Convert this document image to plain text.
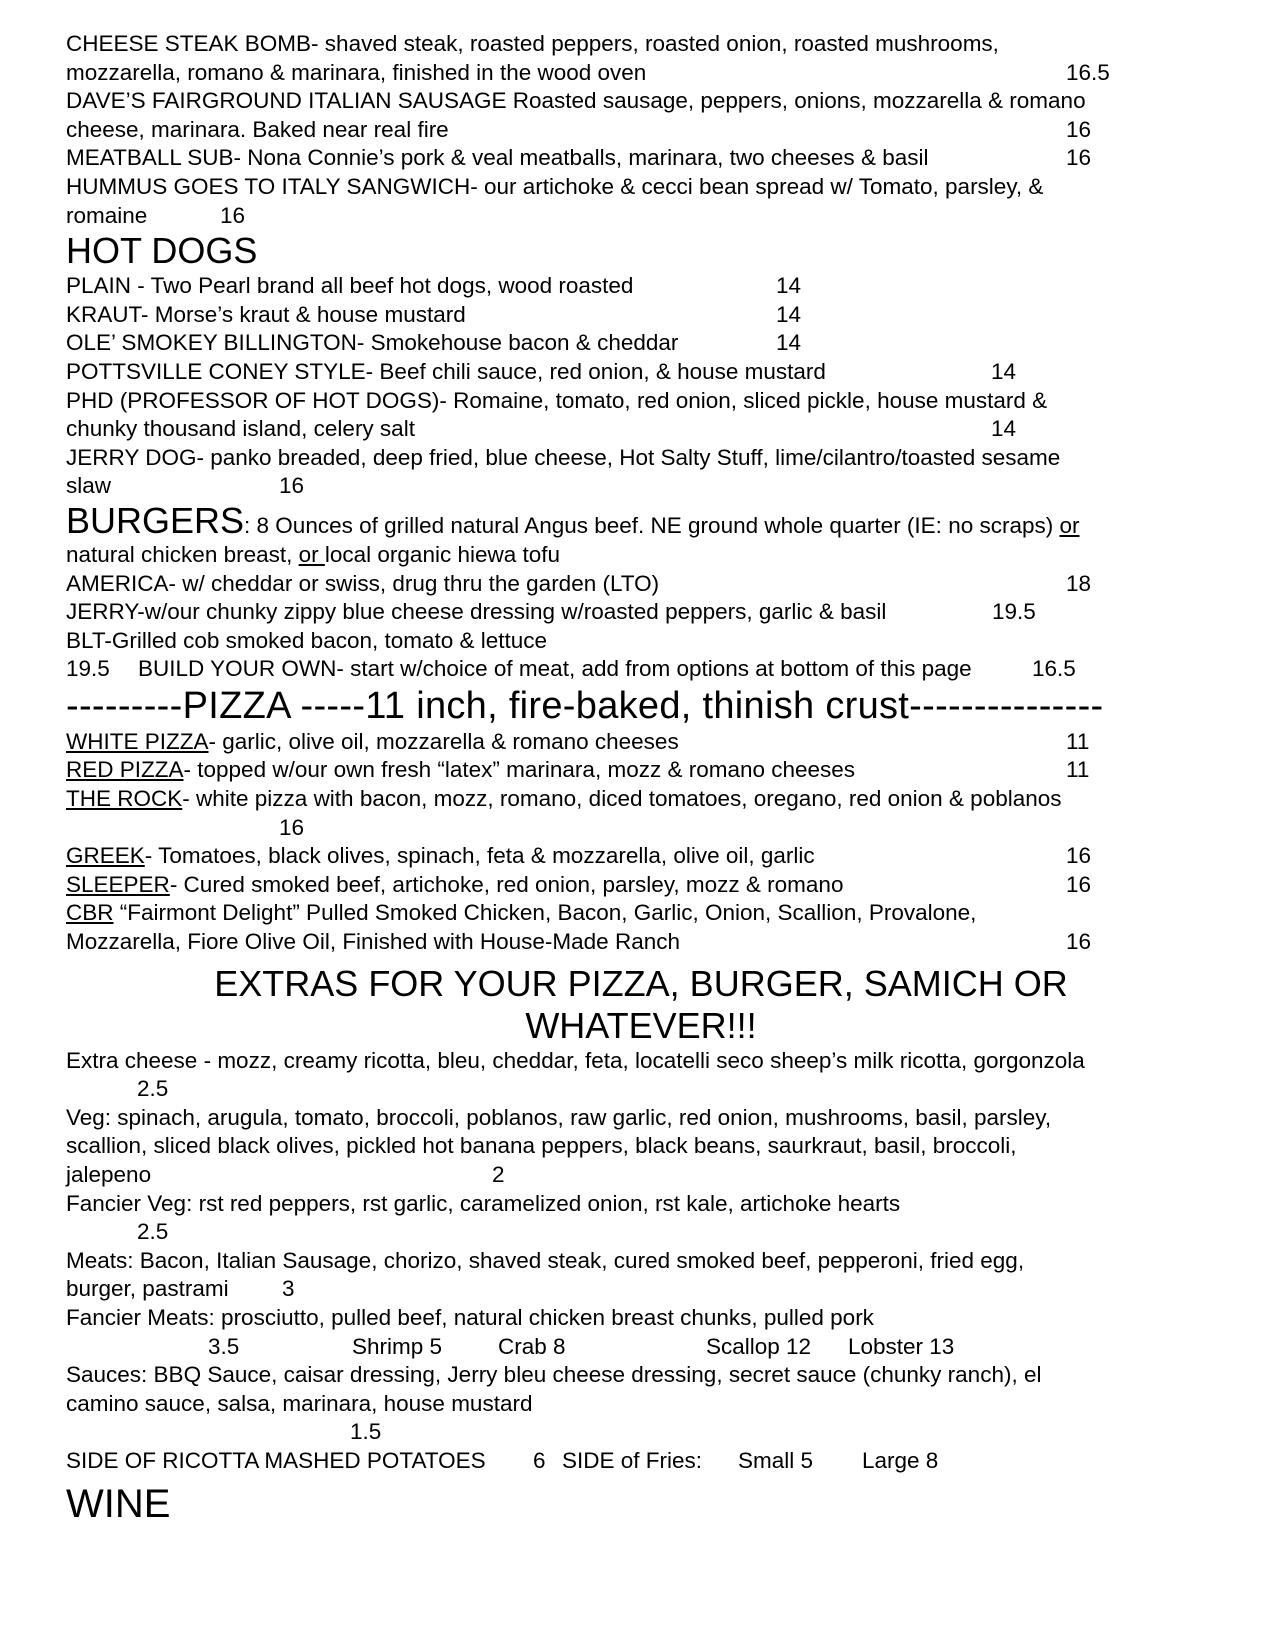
CHEESE STEAK BOMB- shaved steak, roasted peppers, roasted onion, roasted mushrooms,
mozzarella, romano & marinara, finished in the wood oven	16.5
DAVE’S FAIRGROUND ITALIAN SAUSAGE Roasted sausage, peppers, onions, mozzarella & romano
cheese, marinara. Baked near real fire	16
MEATBALL SUB- Nona Connie’s pork & veal meatballs, marinara, two cheeses & basil	16
HUMMUS GOES TO ITALY SANGWICH- our artichoke & cecci bean spread w/ Tomato, parsley, &
romaine	16
HOT DOGS
PLAIN - Two Pearl brand all beef hot dogs, wood roasted	14
KRAUT- Morse’s kraut & house mustard	14
OLE’ SMOKEY BILLINGTON- Smokehouse bacon & cheddar	14
POTTSVILLE CONEY STYLE- Beef chili sauce, red onion, & house mustard	14
PHD (PROFESSOR OF HOT DOGS)- Romaine, tomato, red onion, sliced pickle, house mustard &
chunky thousand island, celery salt	14
JERRY DOG- panko breaded, deep fried, blue cheese, Hot Salty Stuff, lime/cilantro/toasted sesame
slaw	16
BURGERS: 8 Ounces of grilled natural Angus beef. NE ground whole quarter (IE: no scraps) or
natural chicken breast, or local organic hiewa tofu
AMERICA- w/ cheddar or swiss, drug thru the garden (LTO)	18
JERRY-w/our chunky zippy blue cheese dressing w/roasted peppers, garlic & basil	19.5
BLT-Grilled cob smoked bacon, tomato & lettuce
19.5 BUILD YOUR OWN- start w/choice of meat, add from options at bottom of this page	16.5
---------PIZZA -----11 inch, fire-baked, thinish crust---------------
WHITE PIZZA- garlic, olive oil, mozzarella & romano cheeses	11
RED PIZZA- topped w/our own fresh “latex” marinara, mozz & romano cheeses	11
THE ROCK- white pizza with bacon, mozz, romano, diced tomatoes, oregano, red onion & poblanos
16
GREEK- Tomatoes, black olives, spinach, feta & mozzarella, olive oil, garlic	16
SLEEPER- Cured smoked beef, artichoke, red onion, parsley, mozz & romano	16
CBR “Fairmont Delight” Pulled Smoked Chicken, Bacon, Garlic, Onion, Scallion, Provalone,
Mozzarella, Fiore Olive Oil, Finished with House-Made Ranch	16
EXTRAS FOR YOUR PIZZA, BURGER, SAMICH OR
WHATEVER!!!
Extra cheese - mozz, creamy ricotta, bleu, cheddar, feta, locatelli seco sheep’s milk ricotta, gorgonzola
2.5
Veg: spinach, arugula, tomato, broccoli, poblanos, raw garlic, red onion, mushrooms, basil, parsley,
scallion, sliced black olives, pickled hot banana peppers, black beans, saurkraut, basil, broccoli,
jalepeno	2
Fancier Veg: rst red peppers, rst garlic, caramelized onion, rst kale, artichoke hearts
2.5
Meats: Bacon, Italian Sausage, chorizo, shaved steak, cured smoked beef, pepperoni, fried egg,
burger, pastrami 3
Fancier Meats: prosciutto, pulled beef, natural chicken breast chunks, pulled pork
3.5	Shrimp 5 Crab 8	Scallop 12 Lobster 13
Sauces: BBQ Sauce, caisar dressing, Jerry bleu cheese dressing, secret sauce (chunky ranch), el
camino sauce, salsa, marinara, house mustard
1.5
SIDE OF RICOTTA MASHED POTATOES 6 SIDE of Fries: Small 5 Large 8
WINE
